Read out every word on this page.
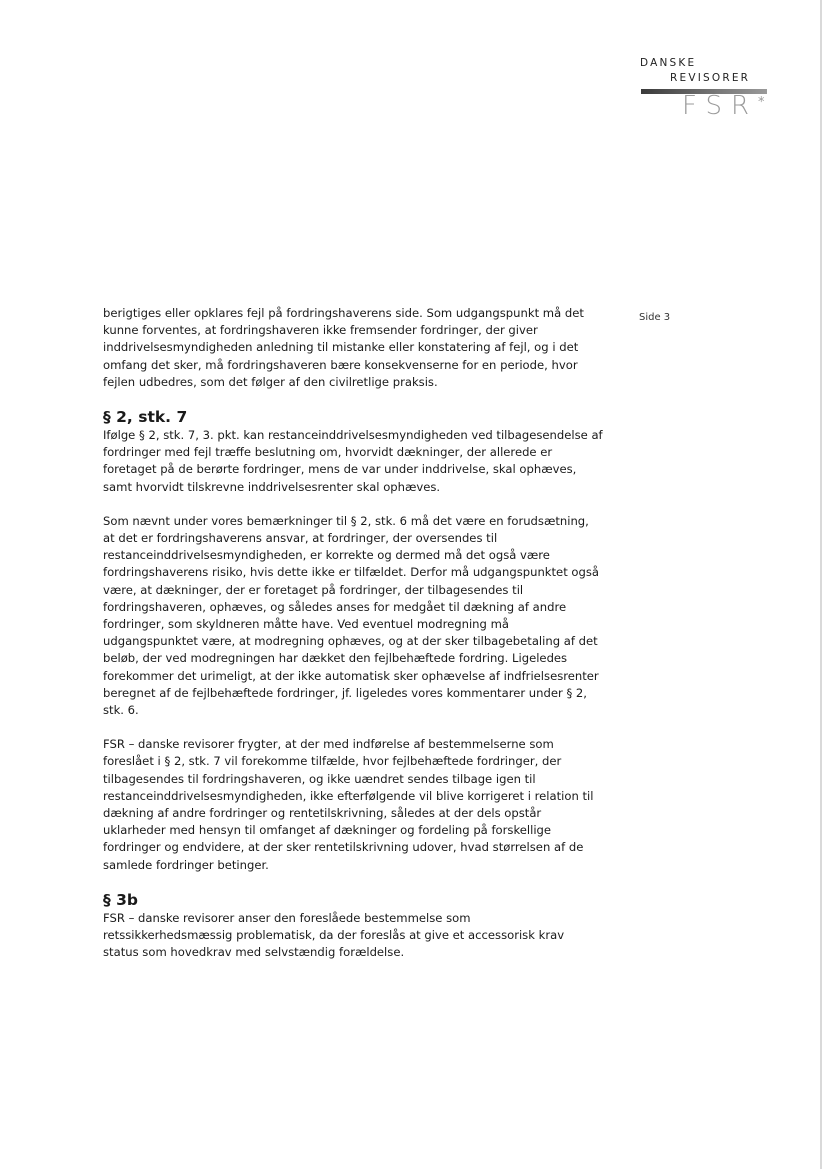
DANSKE
REVISORER
FSR *
Side 3

berigtiges eller opklares fejl på fordringshaverens side. Som udgangspunkt må det kunne forventes, at fordringshaveren ikke fremsender fordringer, der giver inddrivelsesmyndigheden anledning til mistanke eller konstatering af fejl, og i det omfang det sker, må fordringshaveren bære konsekvenserne for en periode, hvor fejlen udbedres, som det følger af den civilretlige praksis.

§ 2, stk. 7

Ifølge § 2, stk. 7, 3. pkt. kan restanceinddrivelsesmyndigheden ved tilbagesendelse af fordringer med fejl træffe beslutning om, hvorvidt dækninger, der allerede er foretaget på de berørte fordringer, mens de var under inddrivelse, skal ophæves, samt hvorvidt tilskrevne inddrivelsesrenter skal ophæves.

Som nævnt under vores bemærkninger til § 2, stk. 6 må det være en forudsætning, at det er fordringshaverens ansvar, at fordringer, der oversendes til restanceinddrivelsesmyndigheden, er korrekte og dermed må det også være fordringshaverens risiko, hvis dette ikke er tilfældet. Derfor må udgangspunktet også være, at dækninger, der er foretaget på fordringer, der tilbagesendes til fordringshaveren, ophæves, og således anses for medgået til dækning af andre fordringer, som skyldneren måtte have. Ved eventuel modregning må udgangspunktet være, at modregning ophæves, og at der sker tilbagebetaling af det beløb, der ved modregningen har dækket den fejlbehæftede fordring. Ligeledes forekommer det urimeligt, at der ikke automatisk sker ophævelse af indfrielsesrenter beregnet af de fejlbehæftede fordringer, jf. ligeledes vores kommentarer under § 2, stk. 6.

FSR – danske revisorer frygter, at der med indførelse af bestemmelserne som foreslået i § 2, stk. 7 vil forekomme tilfælde, hvor fejlbehæftede fordringer, der tilbagesendes til fordringshaveren, og ikke uændret sendes tilbage igen til restanceinddrivelsesmyndigheden, ikke efterfølgende vil blive korrigeret i relation til dækning af andre fordringer og rentetilskrivning, således at der dels opstår uklarheder med hensyn til omfanget af dækninger og fordeling på forskellige fordringer og endvidere, at der sker rentetilskrivning udover, hvad størrelsen af de samlede fordringer betinger.

§ 3b

FSR – danske revisorer anser den foreslåede bestemmelse som retssikkerhedsmæssig problematisk, da der foreslås at give et accessorisk krav status som hovedkrav med selvstændig forældelse.
